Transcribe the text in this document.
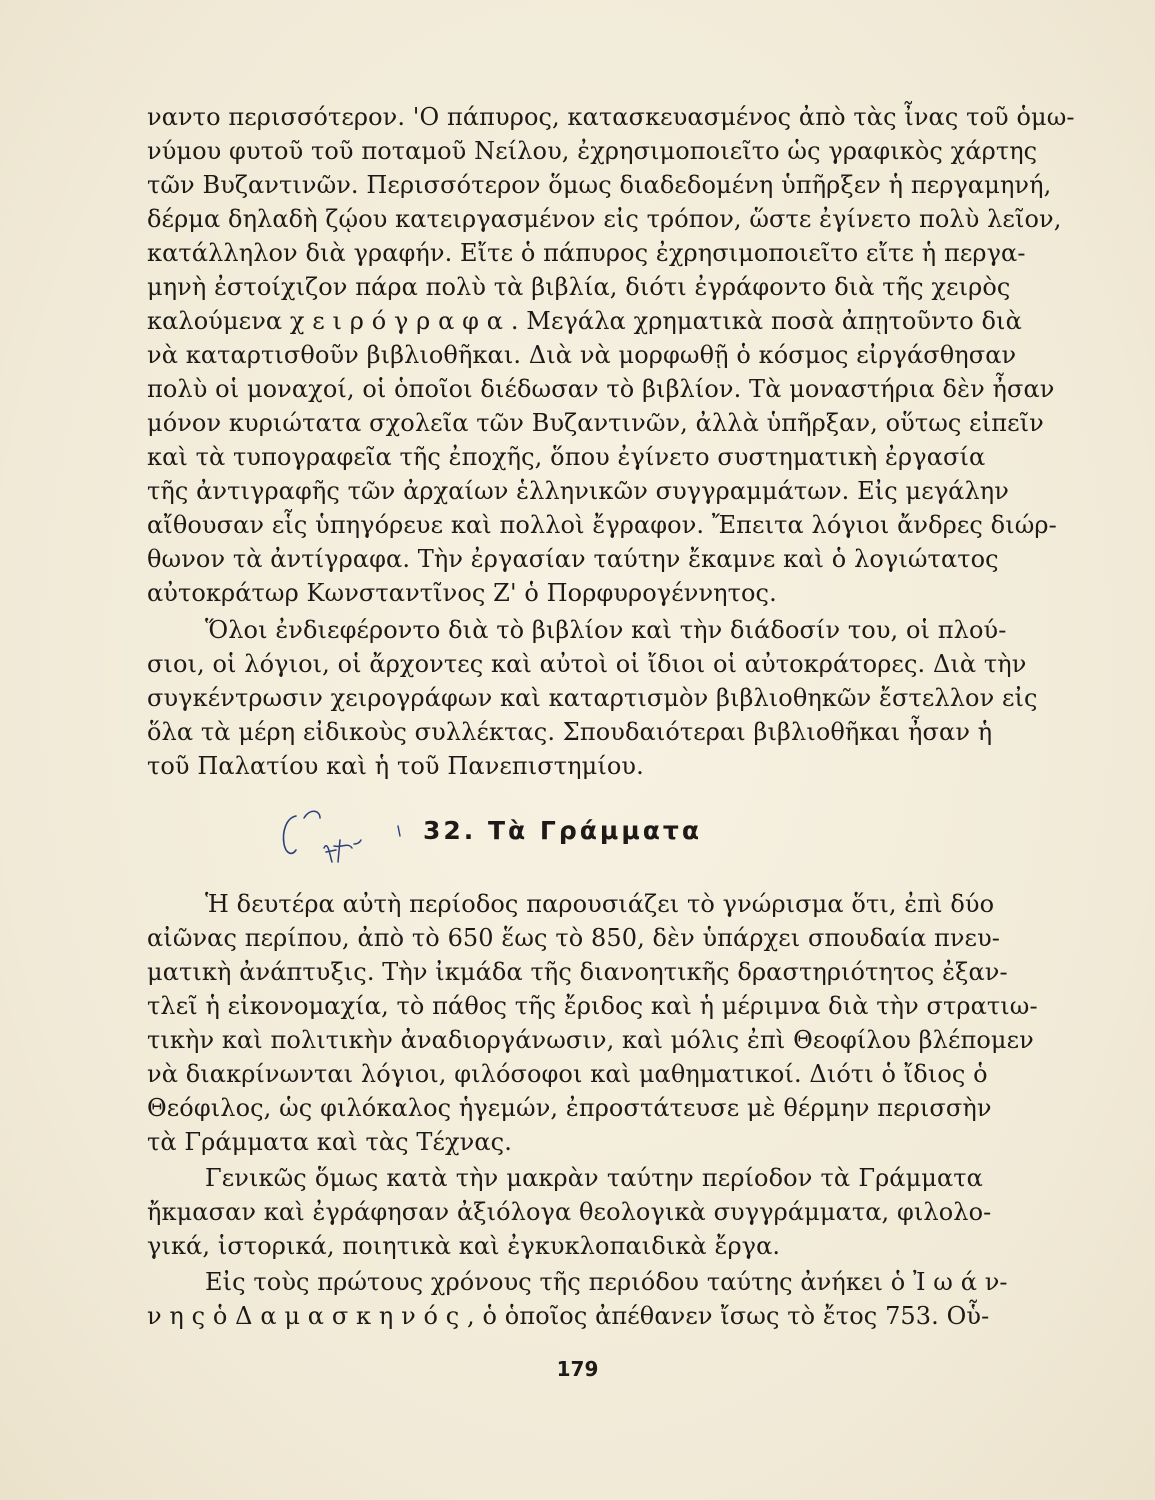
ναντο περισσότερον. 'Ο πάπυρος, κατασκευασμένος ἀπὸ τὰς ἶνας τοῦ ὁμω-
νύμου φυτοῦ τοῦ ποταμοῦ Νείλου, ἐχρησιμοποιεῖτο ὡς γραφικὸς χάρτης
τῶν Βυζαντινῶν. Περισσότερον ὅμως διαδεδομένη ὑπῆρξεν ἡ περγαμηνή,
δέρμα δηλαδὴ ζῴου κατειργασμένον εἰς τρόπον, ὥστε ἐγίνετο πολὺ λεῖον,
κατάλληλον διὰ γραφήν. Εἴτε ὁ πάπυρος ἐχρησιμοποιεῖτο εἴτε ἡ περγα-
μηνὴ ἐστοίχιζον πάρα πολὺ τὰ βιβλία, διότι ἐγράφοντο διὰ τῆς χειρὸς
καλούμενα χ ε ι ρ ό γ ρ α φ α . Μεγάλα χρηματικὰ ποσὰ ἀπῃτοῦντο διὰ
νὰ καταρτισθοῦν βιβλιοθῆκαι. Διὰ νὰ μορφωθῇ ὁ κόσμος εἰργάσθησαν
πολὺ οἱ μοναχοί, οἱ ὁποῖοι διέδωσαν τὸ βιβλίον. Τὰ μοναστήρια δὲν ἦσαν
μόνον κυριώτατα σχολεῖα τῶν Βυζαντινῶν, ἀλλὰ ὑπῆρξαν, οὕτως εἰπεῖν
καὶ τὰ τυπογραφεῖα τῆς ἐποχῆς, ὅπου ἐγίνετο συστηματικὴ ἐργασία
τῆς ἀντιγραφῆς τῶν ἀρχαίων ἑλληνικῶν συγγραμμάτων. Εἰς μεγάλην
αἴθουσαν εἷς ὑπηγόρευε καὶ πολλοὶ ἔγραφον. Ἔπειτα λόγιοι ἄνδρες διώρ-
θωνον τὰ ἀντίγραφα. Τὴν ἐργασίαν ταύτην ἔκαμνε καὶ ὁ λογιώτατος
αὐτοκράτωρ Κωνσταντῖνος Ζ' ὁ Πορφυρογέννητος.
Ὅλοι ἐνδιεφέροντο διὰ τὸ βιβλίον καὶ τὴν διάδοσίν του, οἱ πλού-
σιοι, οἱ λόγιοι, οἱ ἄρχοντες καὶ αὐτοὶ οἱ ἴδιοι οἱ αὐτοκράτορες. Διὰ τὴν
συγκέντρωσιν χειρογράφων καὶ καταρτισμὸν βιβλιοθηκῶν ἔστελλον εἰς
ὅλα τὰ μέρη εἰδικοὺς συλλέκτας. Σπουδαιότεραι βιβλιοθῆκαι ἦσαν ἡ
τοῦ Παλατίου καὶ ἡ τοῦ Πανεπιστημίου.
32. Τὰ Γράμματα
Ἡ δευτέρα αὐτὴ περίοδος παρουσιάζει τὸ γνώρισμα ὅτι, ἐπὶ δύο
αἰῶνας περίπου, ἀπὸ τὸ 650 ἕως τὸ 850, δὲν ὑπάρχει σπουδαία πνευ-
ματικὴ ἀνάπτυξις. Τὴν ἰκμάδα τῆς διανοητικῆς δραστηριότητος ἐξαν-
τλεῖ ἡ εἰκονομαχία, τὸ πάθος τῆς ἔριδος καὶ ἡ μέριμνα διὰ τὴν στρατιω-
τικὴν καὶ πολιτικὴν ἀναδιοργάνωσιν, καὶ μόλις ἐπὶ Θεοφίλου βλέπομεν
νὰ διακρίνωνται λόγιοι, φιλόσοφοι καὶ μαθηματικοί. Διότι ὁ ἴδιος ὁ
Θεόφιλος, ὡς φιλόκαλος ἡγεμών, ἐπροστάτευσε μὲ θέρμην περισσὴν
τὰ Γράμματα καὶ τὰς Τέχνας.
Γενικῶς ὅμως κατὰ τὴν μακρὰν ταύτην περίοδον τὰ Γράμματα
ἤκμασαν καὶ ἐγράφησαν ἀξιόλογα θεολογικὰ συγγράμματα, φιλολο-
γικά, ἱστορικά, ποιητικὰ καὶ ἐγκυκλοπαιδικὰ ἔργα.
Εἰς τοὺς πρώτους χρόνους τῆς περιόδου ταύτης ἀνήκει ὁ Ἰ ω ά ν-
ν η ς ὁ Δ α μ α σ κ η ν ό ς , ὁ ὁποῖος ἀπέθανεν ἴσως τὸ ἔτος 753. Οὗ-
179
